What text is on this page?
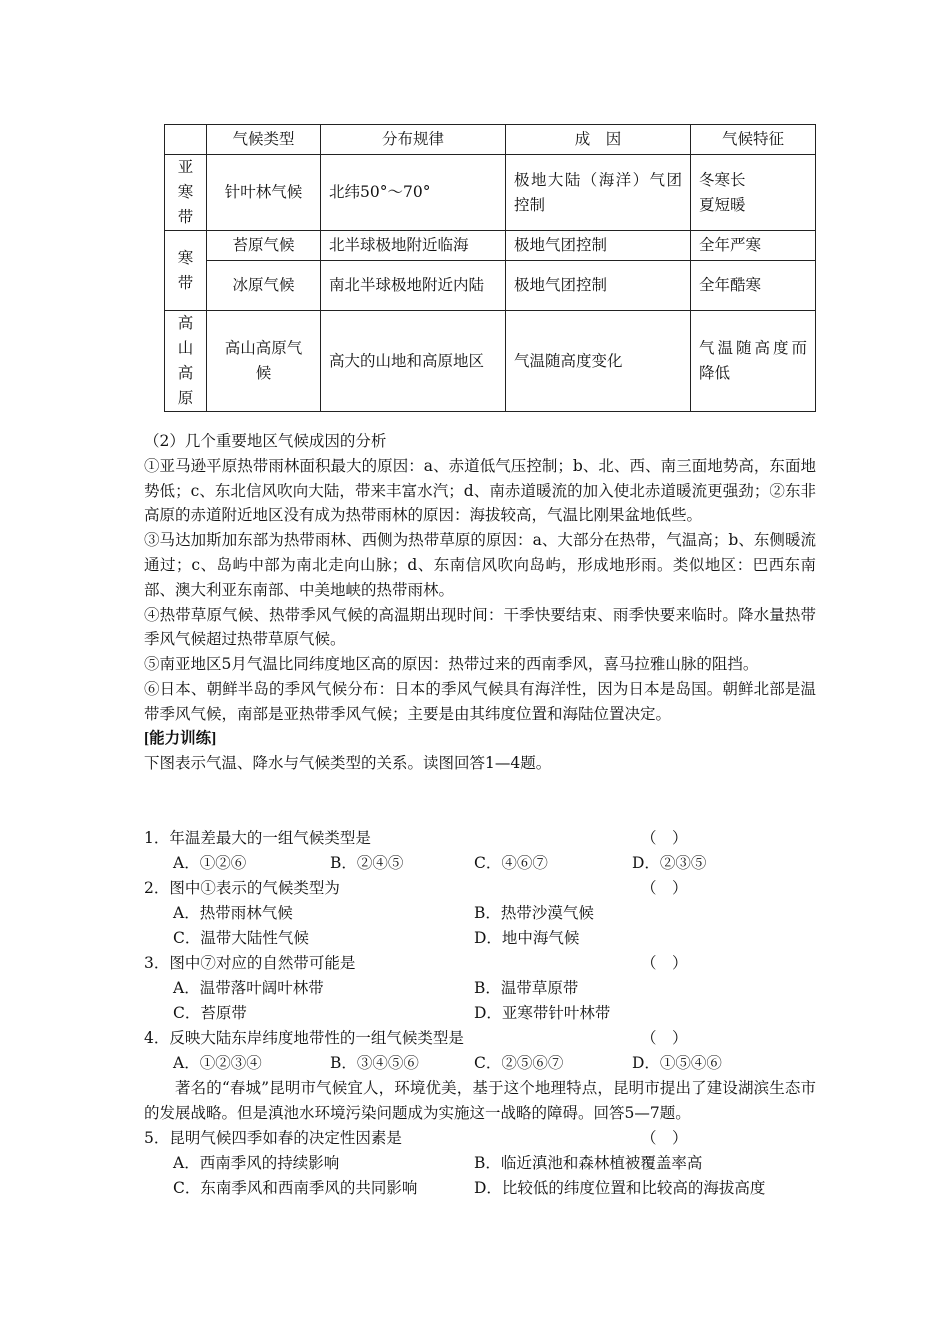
	气候类型	分布规律	成　因	气候特征
亚
寒
带	针叶林气候	北纬50°～70°	极地大陆（海洋）气团控制	冬寒长
夏短暖
寒
带	苔原气候	北半球极地附近临海	极地气团控制	全年严寒
	冰原气候	南北半球极地附近内陆	极地气团控制	全年酷寒
高
山
高
原	高山高原气候	高大的山地和高原地区	气温随高度变化	气温随高度而降低

（2）几个重要地区气候成因的分析

①亚马逊平原热带雨林面积最大的原因：a、赤道低气压控制；b、北、西、南三面地势高，东面地势低；c、东北信风吹向大陆，带来丰富水汽；d、南赤道暖流的加入使北赤道暖流更强劲；②东非高原的赤道附近地区没有成为热带雨林的原因：海拔较高，气温比刚果盆地低些。

③马达加斯加东部为热带雨林、西侧为热带草原的原因：a、大部分在热带，气温高；b、东侧暖流通过；c、岛屿中部为南北走向山脉；d、东南信风吹向岛屿，形成地形雨。类似地区：巴西东南部、澳大利亚东南部、中美地峡的热带雨林。

④热带草原气候、热带季风气候的高温期出现时间：干季快要结束、雨季快要来临时。降水量热带季风气候超过热带草原气候。

⑤南亚地区5月气温比同纬度地区高的原因：热带过来的西南季风，喜马拉雅山脉的阻挡。

⑥日本、朝鲜半岛的季风气候分布：日本的季风气候具有海洋性，因为日本是岛国。朝鲜北部是温带季风气候，南部是亚热带季风气候；主要是由其纬度位置和海陆位置决定。

[能力训练]

下图表示气温、降水与气候类型的关系。读图回答1—4题。

1．年温差最大的一组气候类型是	（　）
A．①②⑥	B．②④⑤	C．④⑥⑦	D．②③⑤
2．图中①表示的气候类型为	（　）
A．热带雨林气候	B．热带沙漠气候
C．温带大陆性气候	D．地中海气候
3．图中⑦对应的自然带可能是	（　）
A．温带落叶阔叶林带	B．温带草原带
C．苔原带	D．亚寒带针叶林带
4．反映大陆东岸纬度地带性的一组气候类型是	（　）
A．①②③④	B．③④⑤⑥	C．②⑤⑥⑦	D．①⑤④⑥
著名的“春城”昆明市气候宜人，环境优美，基于这个地理特点，昆明市提出了建设湖滨生态市的发展战略。但是滇池水环境污染问题成为实施这一战略的障碍。回答5—7题。
5．昆明气候四季如春的决定性因素是	（　）
A．西南季风的持续影响	B．临近滇池和森林植被覆盖率高
C．东南季风和西南季风的共同影响	D．比较低的纬度位置和比较高的海拔高度
